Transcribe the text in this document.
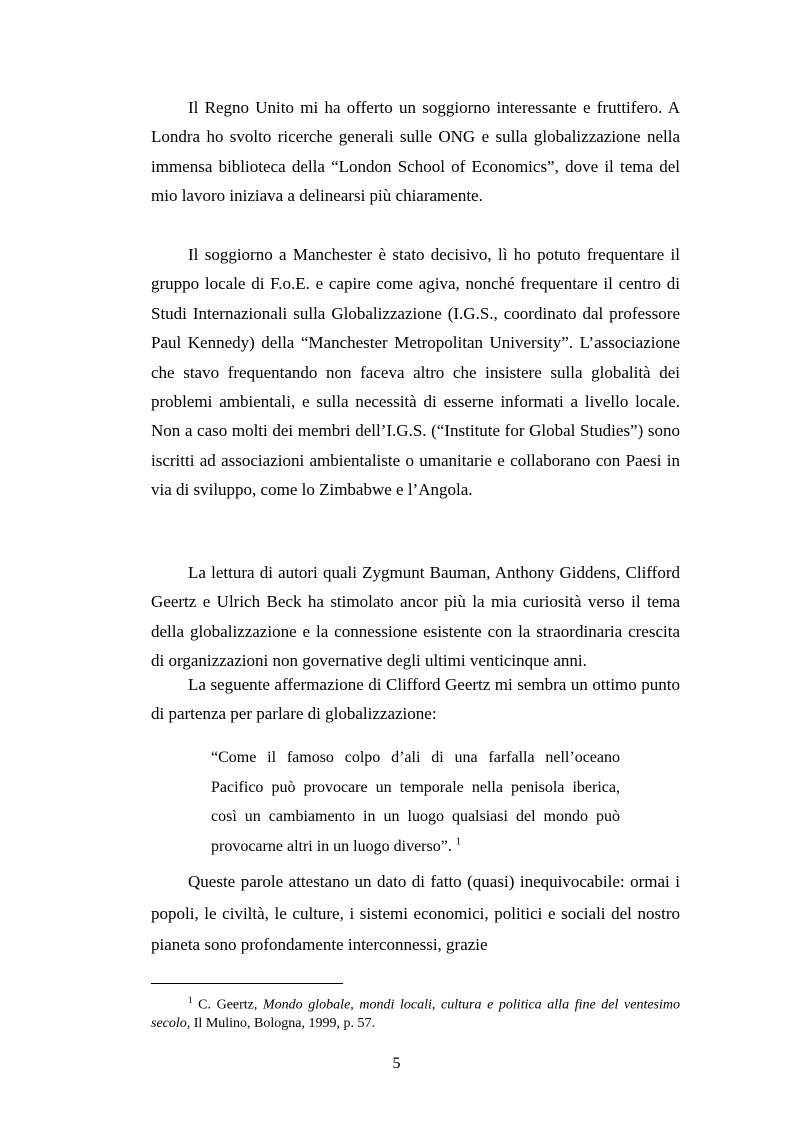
Il Regno Unito mi ha offerto un soggiorno interessante e fruttifero. A Londra ho svolto ricerche generali sulle ONG e sulla globalizzazione nella immensa biblioteca della “London School of Economics”, dove il tema del mio lavoro iniziava a delinearsi più chiaramente.
Il soggiorno a Manchester è stato decisivo, lì ho potuto frequentare il gruppo locale di F.o.E. e capire come agiva, nonché frequentare il centro di Studi Internazionali sulla Globalizzazione (I.G.S., coordinato dal professore Paul Kennedy) della “Manchester Metropolitan University”. L’associazione che stavo frequentando non faceva altro che insistere sulla globalità dei problemi ambientali, e sulla necessità di esserne informati a livello locale. Non a caso molti dei membri dell’I.G.S. (“Institute for Global Studies”) sono iscritti ad associazioni ambientaliste o umanitarie e collaborano con Paesi in via di sviluppo, come lo Zimbabwe e l’Angola.
La lettura di autori quali Zygmunt Bauman, Anthony Giddens, Clifford Geertz e Ulrich Beck ha stimolato ancor più la mia curiosità verso il tema della globalizzazione e la connessione esistente con la straordinaria crescita di organizzazioni non governative degli ultimi venticinque anni.
La seguente affermazione di Clifford Geertz mi sembra un ottimo punto di partenza per parlare di globalizzazione:
“Come il famoso colpo d’ali di una farfalla nell’oceano Pacifico può provocare un temporale nella penisola iberica, così un cambiamento in un luogo qualsiasi del mondo può provocarne altri in un luogo diverso”. $^1$
Queste parole attestano un dato di fatto (quasi) inequivocabile: ormai i popoli, le civiltà, le culture, i sistemi economici, politici e sociali del nostro pianeta sono profondamente interconnessi, grazie
$^1$ C. Geertz, Mondo globale, mondi locali, cultura e politica alla fine del ventesimo secolo, Il Mulino, Bologna, 1999, p. 57.
5
